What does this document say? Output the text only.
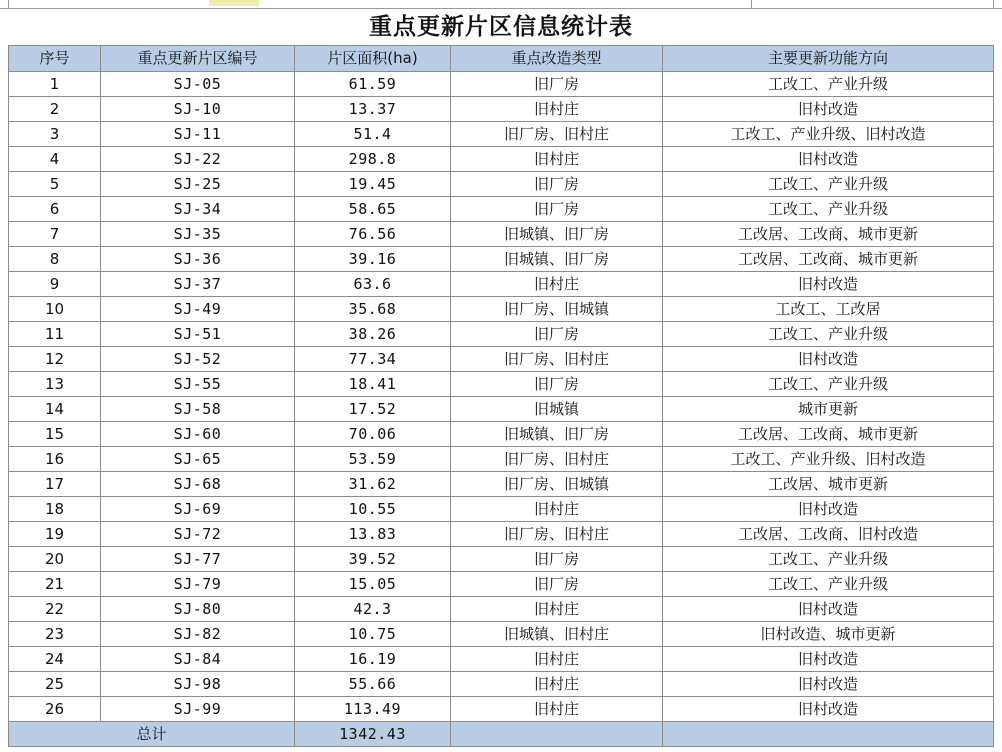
重点更新片区信息统计表
序号	重点更新片区编号	片区面积(ha)	重点改造类型	主要更新功能方向
1	SJ-05	61.59	旧厂房	工改工、产业升级
2	SJ-10	13.37	旧村庄	旧村改造
3	SJ-11	51.4	旧厂房、旧村庄	工改工、产业升级、旧村改造
4	SJ-22	298.8	旧村庄	旧村改造
5	SJ-25	19.45	旧厂房	工改工、产业升级
6	SJ-34	58.65	旧厂房	工改工、产业升级
7	SJ-35	76.56	旧城镇、旧厂房	工改居、工改商、城市更新
8	SJ-36	39.16	旧城镇、旧厂房	工改居、工改商、城市更新
9	SJ-37	63.6	旧村庄	旧村改造
10	SJ-49	35.68	旧厂房、旧城镇	工改工、工改居
11	SJ-51	38.26	旧厂房	工改工、产业升级
12	SJ-52	77.34	旧厂房、旧村庄	旧村改造
13	SJ-55	18.41	旧厂房	工改工、产业升级
14	SJ-58	17.52	旧城镇	城市更新
15	SJ-60	70.06	旧城镇、旧厂房	工改居、工改商、城市更新
16	SJ-65	53.59	旧厂房、旧村庄	工改工、产业升级、旧村改造
17	SJ-68	31.62	旧厂房、旧城镇	工改居、城市更新
18	SJ-69	10.55	旧村庄	旧村改造
19	SJ-72	13.83	旧厂房、旧村庄	工改居、工改商、旧村改造
20	SJ-77	39.52	旧厂房	工改工、产业升级
21	SJ-79	15.05	旧厂房	工改工、产业升级
22	SJ-80	42.3	旧村庄	旧村改造
23	SJ-82	10.75	旧城镇、旧村庄	旧村改造、城市更新
24	SJ-84	16.19	旧村庄	旧村改造
25	SJ-98	55.66	旧村庄	旧村改造
26	SJ-99	113.49	旧村庄	旧村改造
总计		1342.43		
